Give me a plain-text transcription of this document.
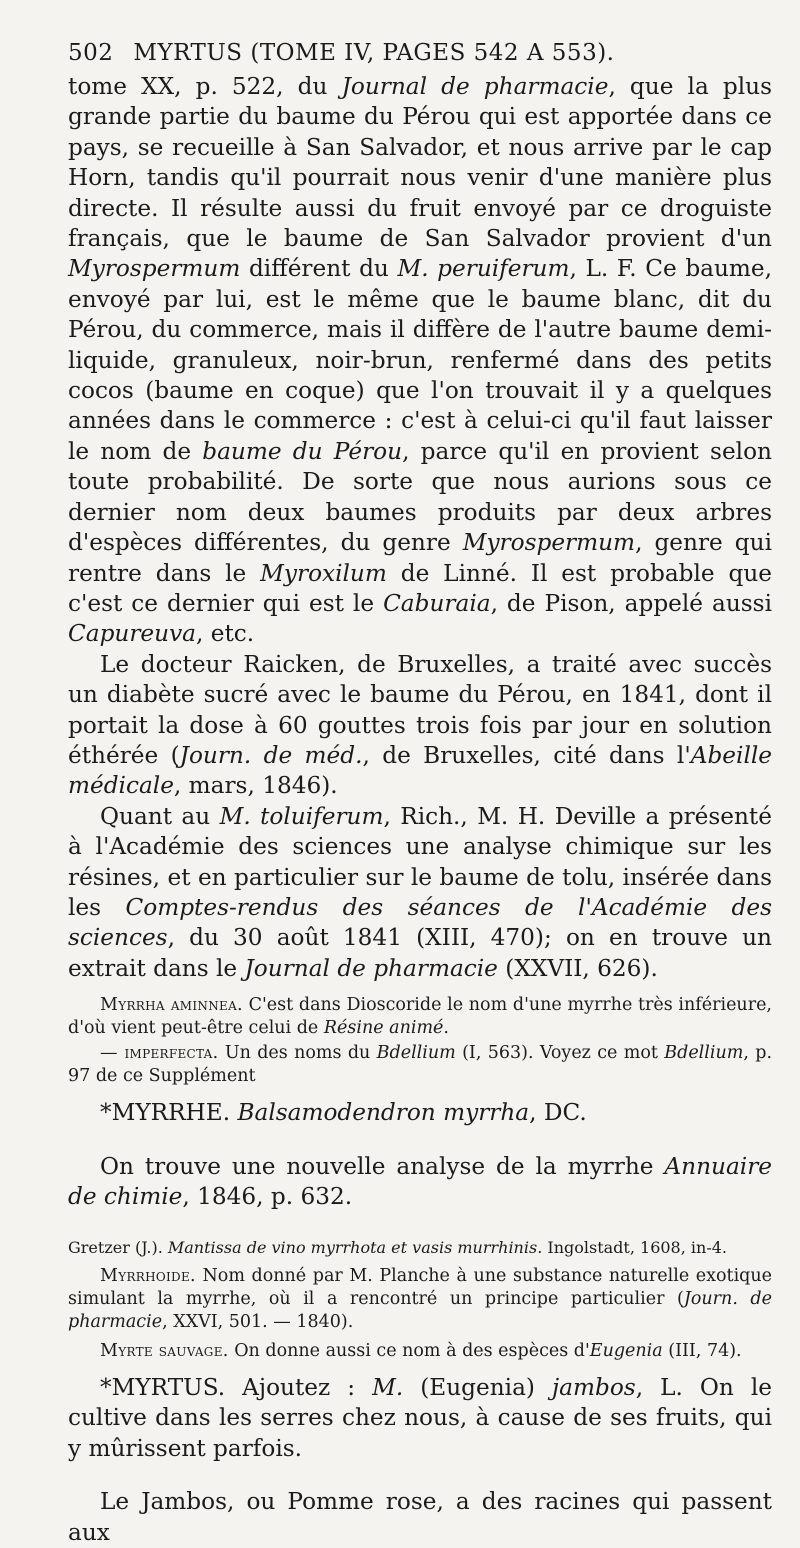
502 MYRTUS (TOME IV, PAGES 542 A 553).

tome XX, p. 522, du Journal de pharmacie, que la plus grande partie du baume du Pérou qui est apportée dans ce pays, se recueille à San Salvador, et nous arrive par le cap Horn, tandis qu'il pourrait nous venir d'une manière plus directe. Il résulte aussi du fruit envoyé par ce droguiste français, que le baume de San Salvador provient d'un Myrospermum différent du M. peruiferum, L. F. Ce baume, envoyé par lui, est le même que le baume blanc, dit du Pérou, du commerce, mais il diffère de l'autre baume demi-liquide, granuleux, noir-brun, renfermé dans des petits cocos (baume en coque) que l'on trouvait il y a quelques années dans le commerce : c'est à celui-ci qu'il faut laisser le nom de baume du Pérou, parce qu'il en provient selon toute probabilité. De sorte que nous aurions sous ce dernier nom deux baumes produits par deux arbres d'espèces différentes, du genre Myrospermum, genre qui rentre dans le Myroxilum de Linné. Il est probable que c'est ce dernier qui est le Caburaia, de Pison, appelé aussi Capureuva, etc.

Le docteur Raicken, de Bruxelles, a traité avec succès un diabète sucré avec le baume du Pérou, en 1841, dont il portait la dose à 60 gouttes trois fois par jour en solution éthérée (Journ. de méd., de Bruxelles, cité dans l'Abeille médicale, mars, 1846).

Quant au M. toluiferum, Rich., M. H. Deville a présenté à l'Académie des sciences une analyse chimique sur les résines, et en particulier sur le baume de tolu, insérée dans les Comptes-rendus des séances de l'Académie des sciences, du 30 août 1841 (XIII, 470); on en trouve un extrait dans le Journal de pharmacie (XXVII, 626).

Myrrha aminnea. C'est dans Dioscoride le nom d'une myrrhe très inférieure, d'où vient peut-être celui de Résine animé.

— imperfecta. Un des noms du Bdellium (I, 563). Voyez ce mot Bdellium, p. 97 de ce Supplément

*MYRRHE. Balsamodendron myrrha, DC.

On trouve une nouvelle analyse de la myrrhe Annuaire de chimie, 1846, p. 632.

Gretzer (J.). Mantissa de vino myrrhota et vasis murrhinis. Ingolstadt, 1608, in-4.

Myrrhoide. Nom donné par M. Planche à une substance naturelle exotique simulant la myrrhe, où il a rencontré un principe particulier (Journ. de pharmacie, XXVI, 501. — 1840).

Myrte sauvage. On donne aussi ce nom à des espèces d'Eugenia (III, 74).

*MYRTUS. Ajoutez : M. (Eugenia) jambos, L. On le cultive dans les serres chez nous, à cause de ses fruits, qui y mûrissent parfois.

Le Jambos, ou Pomme rose, a des racines qui passent aux
